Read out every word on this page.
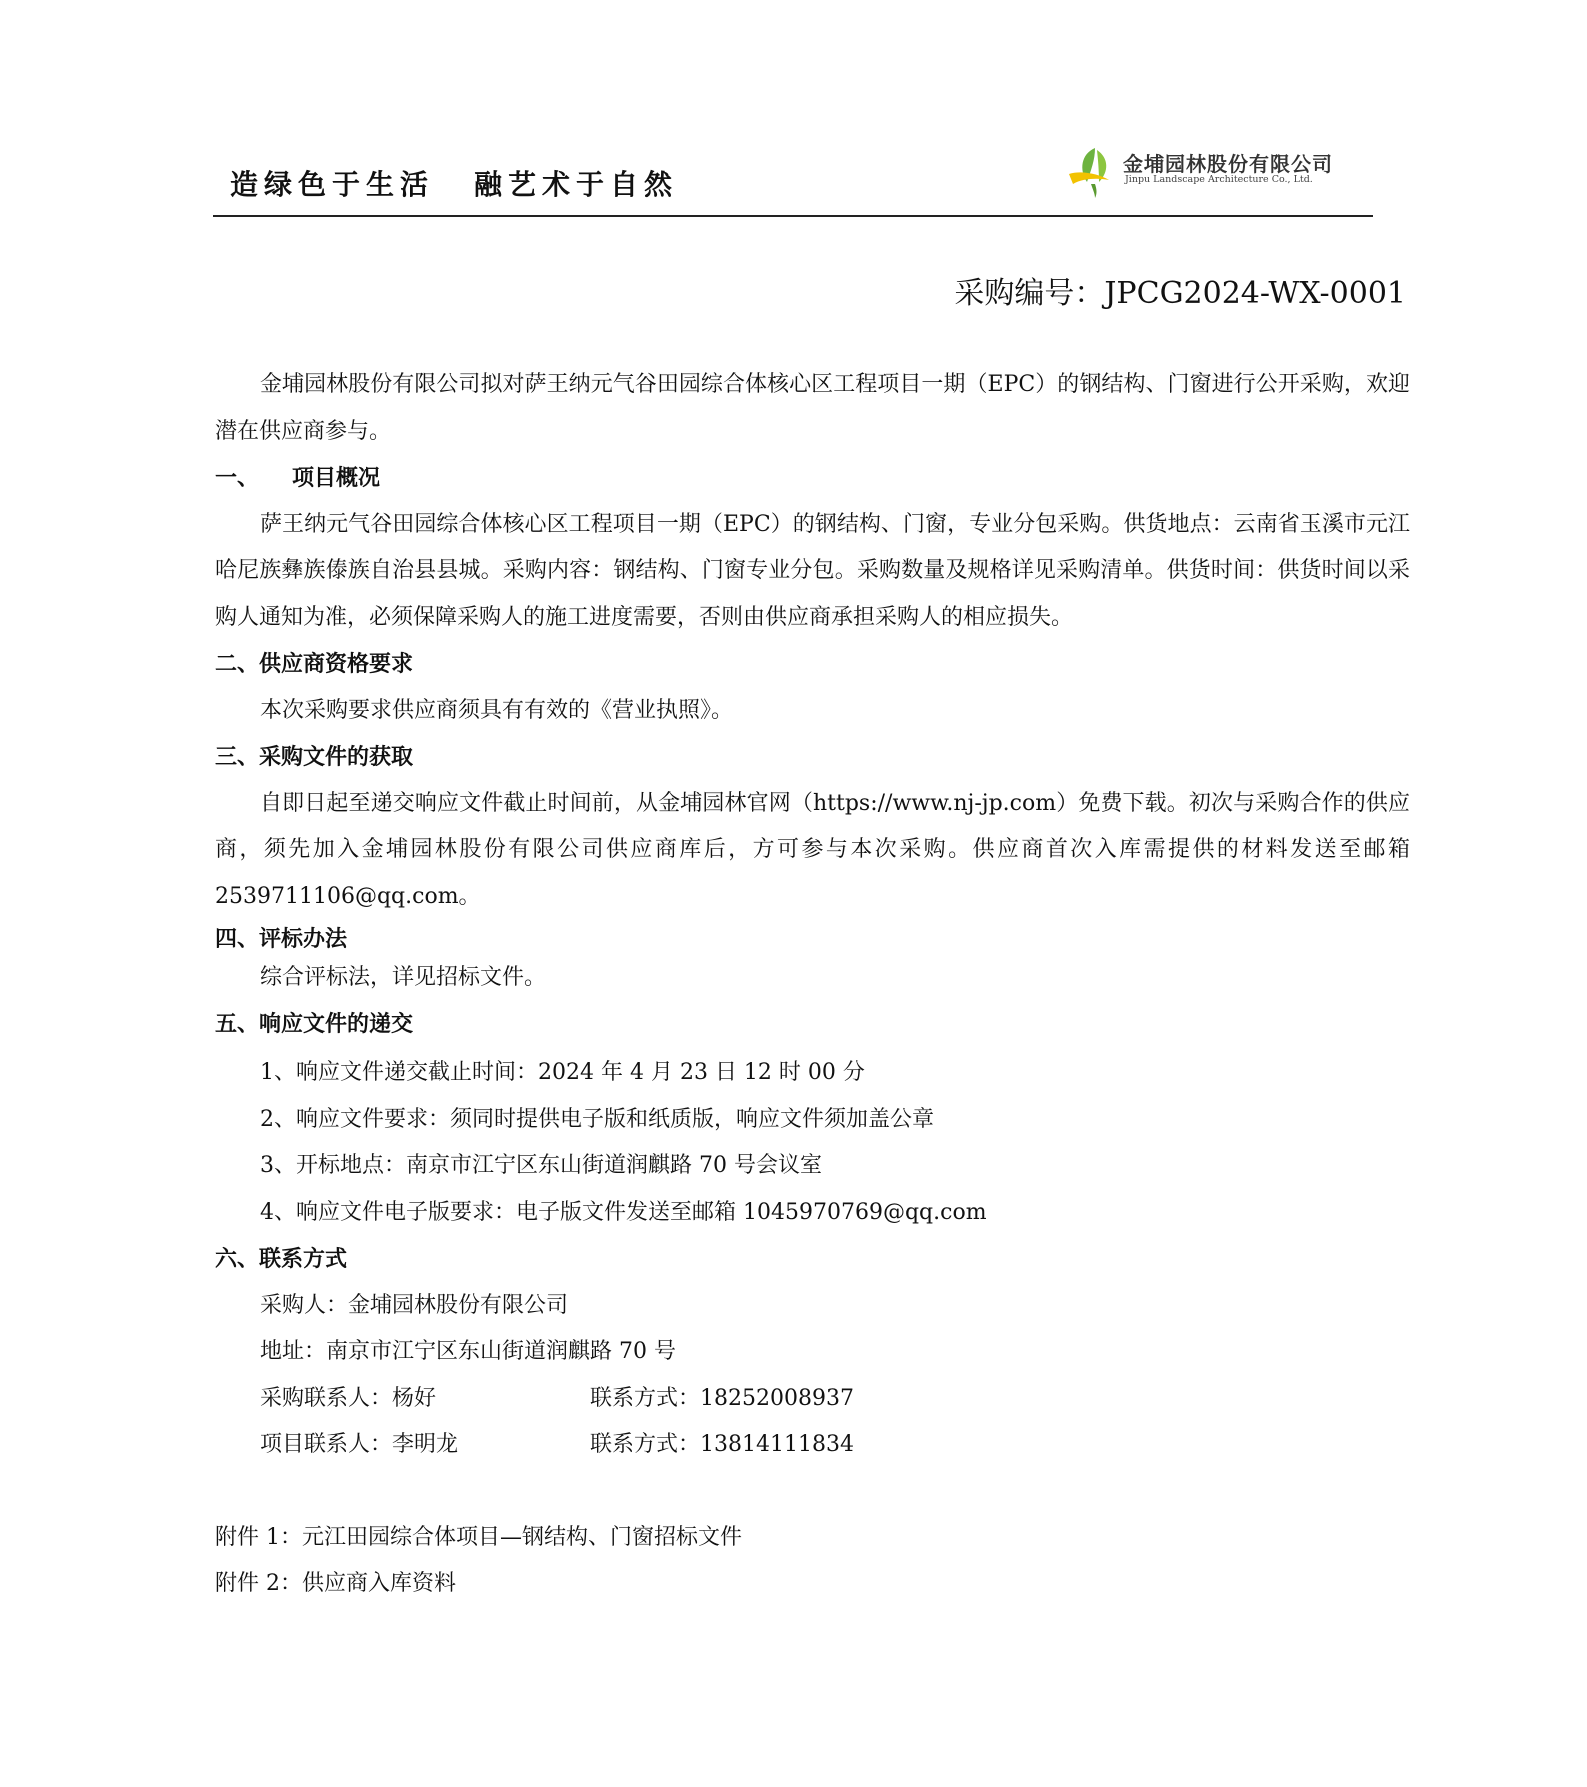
造绿色于生活 融艺术于自然
金埔园林股份有限公司
Jinpu Landscape Architecture Co., Ltd.
采购编号：JPCG2024-WX-0001

金埔园林股份有限公司拟对萨王纳元气谷田园综合体核心区工程项目一期（EPC）的钢结构、门窗进行公开采购，欢迎潜在供应商参与。

一、 项目概况

萨王纳元气谷田园综合体核心区工程项目一期（EPC）的钢结构、门窗，专业分包采购。供货地点：云南省玉溪市元江哈尼族彝族傣族自治县县城。采购内容：钢结构、门窗专业分包。采购数量及规格详见采购清单。供货时间：供货时间以采购人通知为准，必须保障采购人的施工进度需要，否则由供应商承担采购人的相应损失。

二、供应商资格要求

本次采购要求供应商须具有有效的《营业执照》。

三、采购文件的获取

自即日起至递交响应文件截止时间前，从金埔园林官网（https://www.nj-jp.com）免费下载。初次与采购合作的供应商，须先加入金埔园林股份有限公司供应商库后，方可参与本次采购。供应商首次入库需提供的材料发送至邮箱 2539711106@qq.com。

四、评标办法

综合评标法，详见招标文件。

五、响应文件的递交

1、响应文件递交截止时间：2024 年 4 月 23 日 12 时 00 分

2、响应文件要求：须同时提供电子版和纸质版，响应文件须加盖公章

3、开标地点：南京市江宁区东山街道润麒路 70 号会议室

4、响应文件电子版要求：电子版文件发送至邮箱 1045970769@qq.com

六、联系方式

采购人：金埔园林股份有限公司

地址：南京市江宁区东山街道润麒路 70 号

采购联系人：杨好	联系方式：18252008937

项目联系人：李明龙	联系方式：13814111834

附件 1：元江田园综合体项目—钢结构、门窗招标文件

附件 2：供应商入库资料
